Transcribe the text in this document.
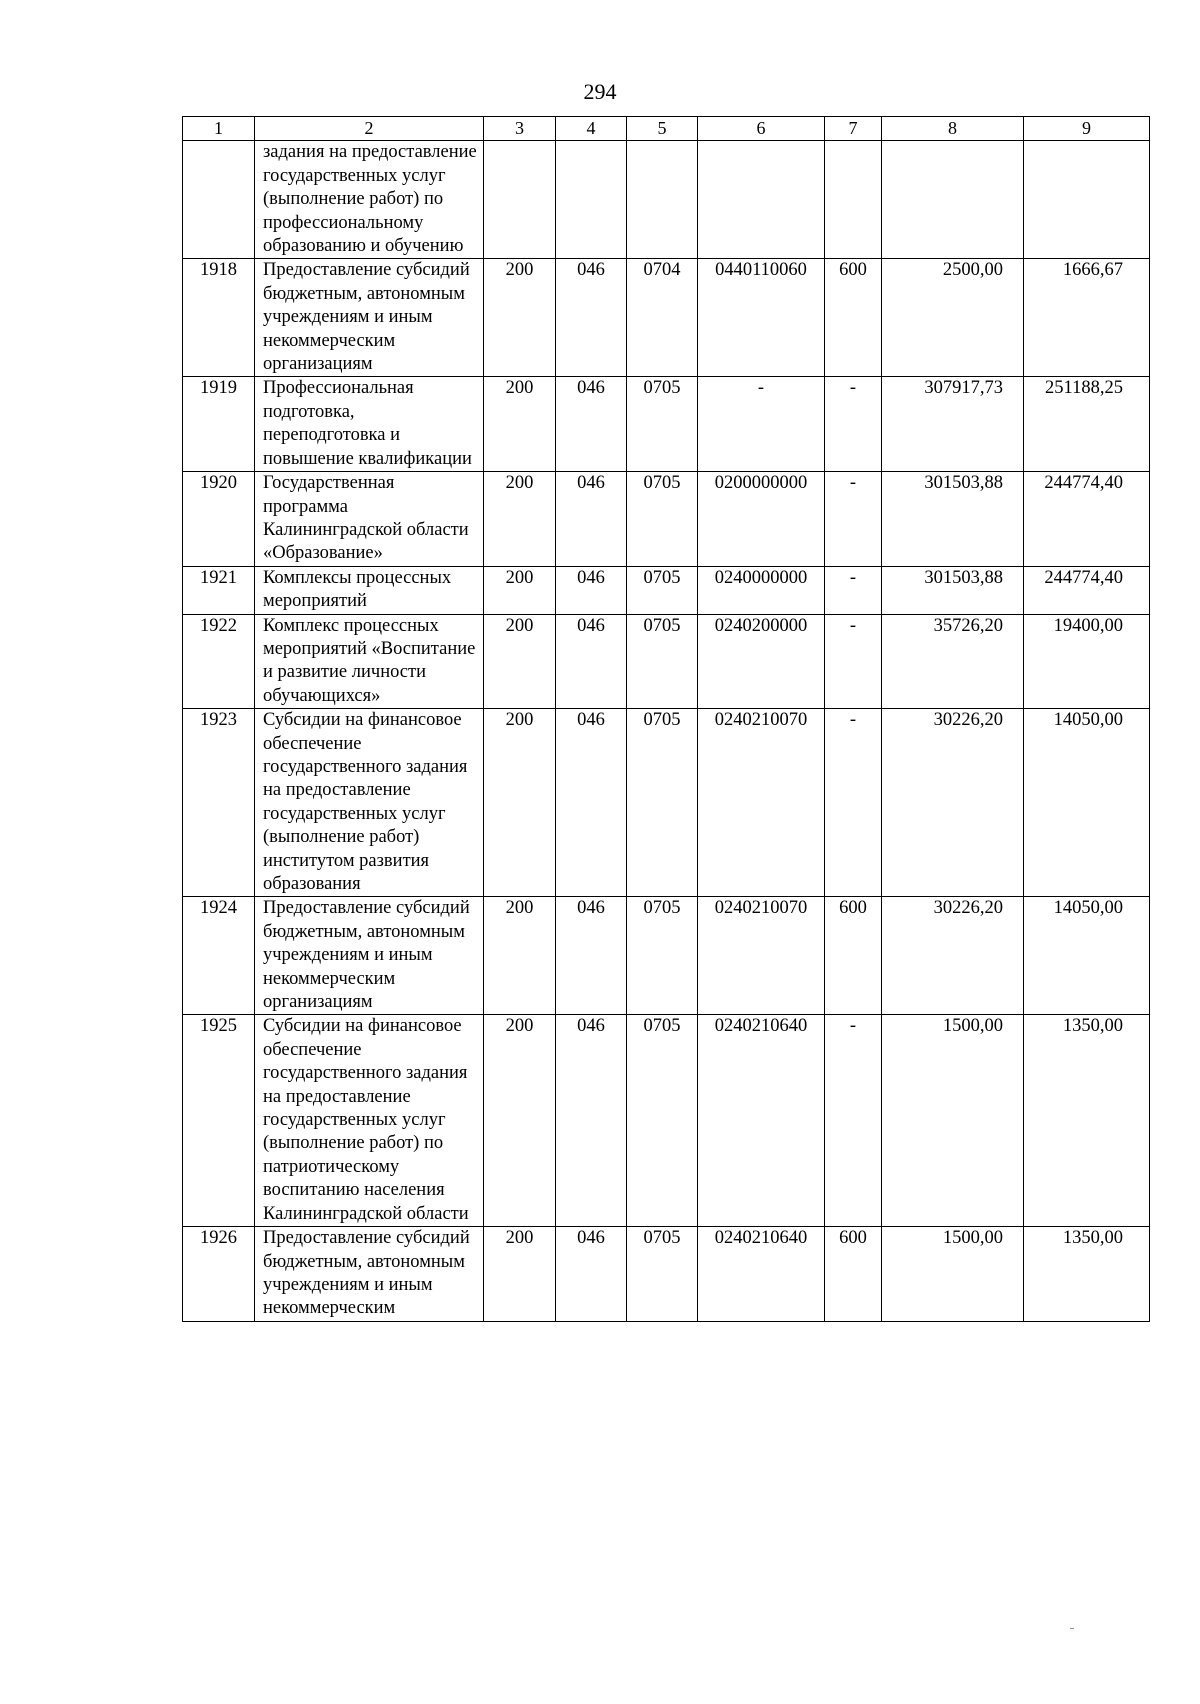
294
1	2	3	4	5	6	7	8	9
	задания на предоставление государственных услуг (выполнение работ) по профессиональному образованию и обучению							
1918	Предоставление субсидий бюджетным, автономным учреждениям и иным некоммерческим организациям	200	046	0704	0440110060	600	2500,00	1666,67
1919	Профессиональная подготовка, переподготовка и повышение квалификации	200	046	0705	-	-	307917,73	251188,25
1920	Государственная программа Калининградской области «Образование»	200	046	0705	0200000000	-	301503,88	244774,40
1921	Комплексы процессных мероприятий	200	046	0705	0240000000	-	301503,88	244774,40
1922	Комплекс процессных мероприятий «Воспитание и развитие личности обучающихся»	200	046	0705	0240200000	-	35726,20	19400,00
1923	Субсидии на финансовое обеспечение государственного задания на предоставление государственных услуг (выполнение работ) институтом развития образования	200	046	0705	0240210070	-	30226,20	14050,00
1924	Предоставление субсидий бюджетным, автономным учреждениям и иным некоммерческим организациям	200	046	0705	0240210070	600	30226,20	14050,00
1925	Субсидии на финансовое обеспечение государственного задания на предоставление государственных услуг (выполнение работ) по патриотическому воспитанию населения Калининградской области	200	046	0705	0240210640	-	1500,00	1350,00
1926	Предоставление субсидий бюджетным, автономным учреждениям и иным некоммерческим	200	046	0705	0240210640	600	1500,00	1350,00
